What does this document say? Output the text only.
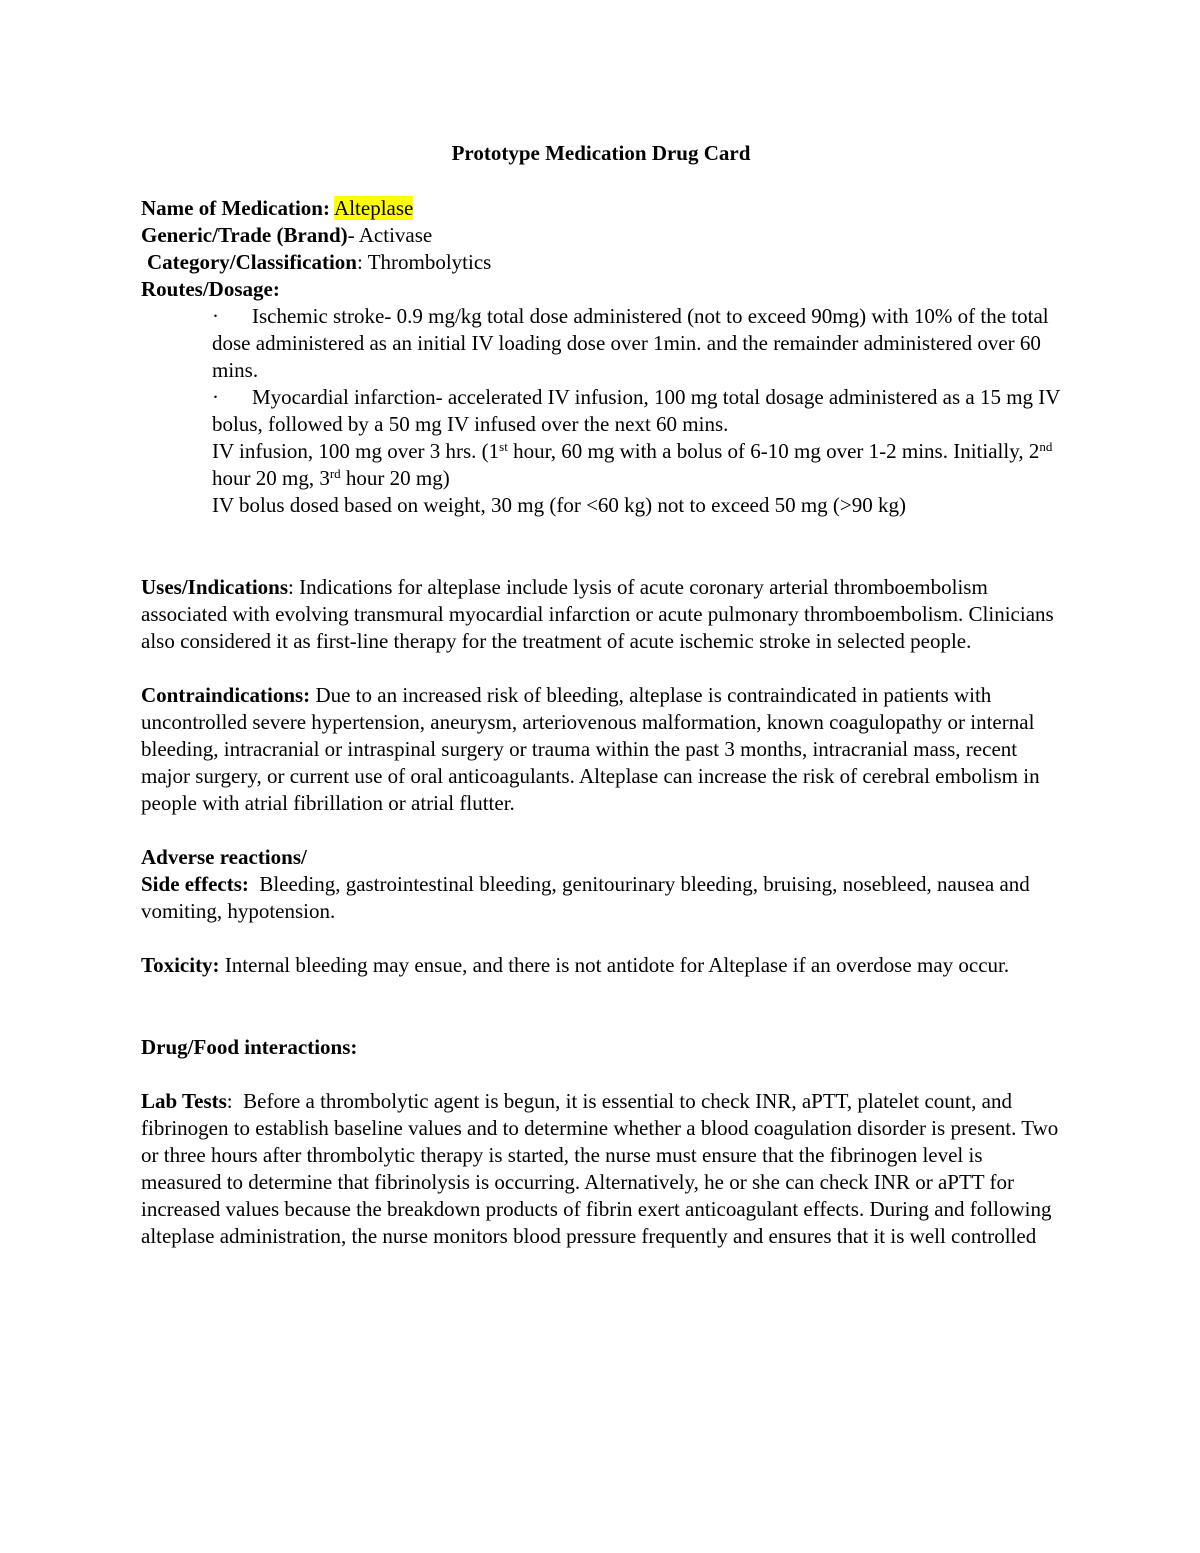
Prototype Medication Drug Card

Name of Medication: Alteplase

Generic/Trade (Brand)- Activase

Category/Classification: Thrombolytics

Routes/Dosage:

· Ischemic stroke- 0.9 mg/kg total dose administered (not to exceed 90mg) with 10% of the total dose administered as an initial IV loading dose over 1min. and the remainder administered over 60 mins.

· Myocardial infarction- accelerated IV infusion, 100 mg total dosage administered as a 15 mg IV bolus, followed by a 50 mg IV infused over the next 60 mins.

IV infusion, 100 mg over 3 hrs. (1st hour, 60 mg with a bolus of 6-10 mg over 1-2 mins. Initially, 2nd hour 20 mg, 3rd hour 20 mg)

IV bolus dosed based on weight, 30 mg (for <60 kg) not to exceed 50 mg (>90 kg)

Uses/Indications: Indications for alteplase include lysis of acute coronary arterial thromboembolism associated with evolving transmural myocardial infarction or acute pulmonary thromboembolism. Clinicians also considered it as first-line therapy for the treatment of acute ischemic stroke in selected people.

Contraindications: Due to an increased risk of bleeding, alteplase is contraindicated in patients with uncontrolled severe hypertension, aneurysm, arteriovenous malformation, known coagulopathy or internal bleeding, intracranial or intraspinal surgery or trauma within the past 3 months, intracranial mass, recent major surgery, or current use of oral anticoagulants. Alteplase can increase the risk of cerebral embolism in people with atrial fibrillation or atrial flutter.

Adverse reactions/

Side effects:  Bleeding, gastrointestinal bleeding, genitourinary bleeding, bruising, nosebleed, nausea and vomiting, hypotension.

Toxicity: Internal bleeding may ensue, and there is not antidote for Alteplase if an overdose may occur.

Drug/Food interactions:

Lab Tests:  Before a thrombolytic agent is begun, it is essential to check INR, aPTT, platelet count, and fibrinogen to establish baseline values and to determine whether a blood coagulation disorder is present. Two or three hours after thrombolytic therapy is started, the nurse must ensure that the fibrinogen level is measured to determine that fibrinolysis is occurring. Alternatively, he or she can check INR or aPTT for increased values because the breakdown products of fibrin exert anticoagulant effects. During and following alteplase administration, the nurse monitors blood pressure frequently and ensures that it is well controlled
